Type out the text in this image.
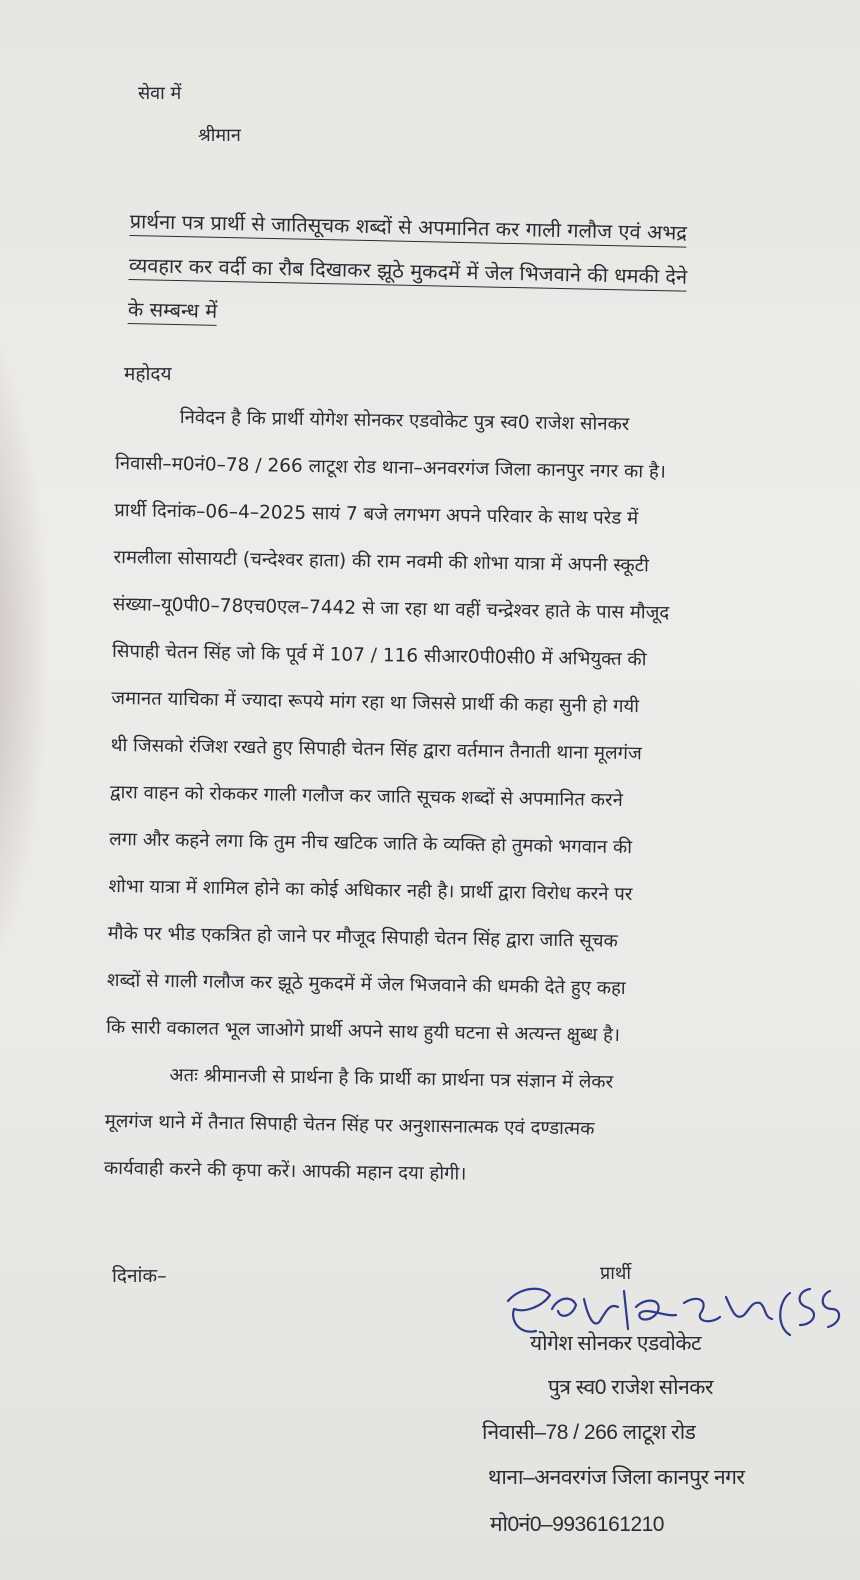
सेवा में
श्रीमान
प्रार्थना पत्र प्रार्थी से जातिसूचक शब्दों से अपमानित कर गाली गलौज एवं अभद्र
व्यवहार कर वर्दी का रौब दिखाकर झूठे मुकदमें में जेल भिजवाने की धमकी देने
के सम्बन्ध में
महोदय
निवेदन है कि प्रार्थी योगेश सोनकर एडवोकेट पुत्र स्व0 राजेश सोनकर
निवासी–म0नं0–78 / 266 लाटूश रोड थाना–अनवरगंज जिला कानपुर नगर का है।
प्रार्थी दिनांक–06–4–2025 सायं 7 बजे लगभग अपने परिवार के साथ परेड में
रामलीला सोसायटी (चन्देश्वर हाता) की राम नवमी की शोभा यात्रा में अपनी स्कूटी
संख्या–यू0पी0–78एच0एल–7442 से जा रहा था वहीं चन्द्रेश्वर हाते के पास मौजूद
सिपाही चेतन सिंह जो कि पूर्व में 107 / 116 सीआर0पी0सी0 में अभियुक्त की
जमानत याचिका में ज्यादा रूपये मांग रहा था जिससे प्रार्थी की कहा सुनी हो गयी
थी जिसको रंजिश रखते हुए सिपाही चेतन सिंह द्वारा वर्तमान तैनाती थाना मूलगंज
द्वारा वाहन को रोककर गाली गलौज कर जाति सूचक शब्दों से अपमानित करने
लगा और कहने लगा कि तुम नीच खटिक जाति के व्यक्ति हो तुमको भगवान की
शोभा यात्रा में शामिल होने का कोई अधिकार नही है। प्रार्थी द्वारा विरोध करने पर
मौके पर भीड एकत्रित हो जाने पर मौजूद सिपाही चेतन सिंह द्वारा जाति सूचक
शब्दों से गाली गलौज कर झूठे मुकदमें में जेल भिजवाने की धमकी देते हुए कहा
कि सारी वकालत भूल जाओगे प्रार्थी अपने साथ हुयी घटना से अत्यन्त क्षुब्ध है।
अतः श्रीमानजी से प्रार्थना है कि प्रार्थी का प्रार्थना पत्र संज्ञान में लेकर
मूलगंज थाने में तैनात सिपाही चेतन सिंह पर अनुशासनात्मक एवं दण्डात्मक
कार्यवाही करने की कृपा करें। आपकी महान दया होगी।
दिनांक–	प्रार्थी
योगेश सोनकर एडवोकेट
पुत्र स्व0 राजेश सोनकर
निवासी–78 / 266 लाटूश रोड
थाना–अनवरगंज जिला कानपुर नगर
मो0नं0–9936161210
